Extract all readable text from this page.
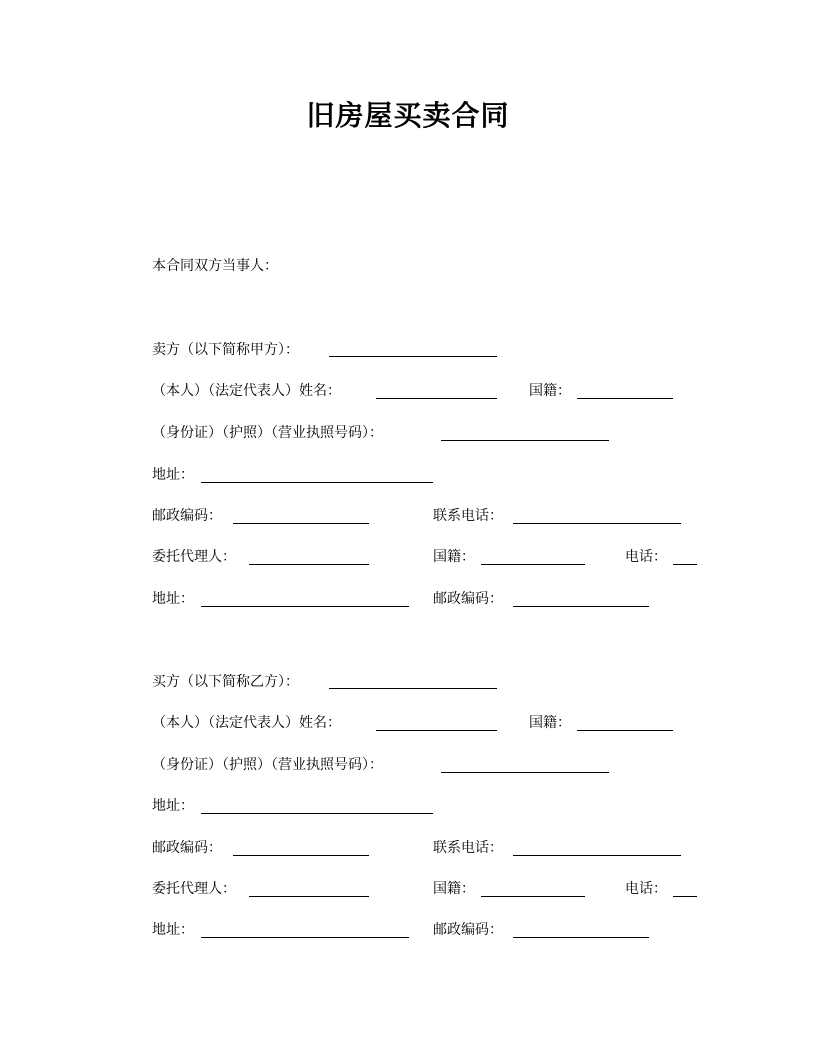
旧房屋买卖合同
本合同双方当事人：
卖方（以下简称甲方）：
（本人）（法定代表人）姓名：	国籍：
（身份证）（护照）（营业执照号码）：
地址：
邮政编码：	联系电话：
委托代理人：	国籍：	电话：
地址：	邮政编码：
买方（以下简称乙方）：
（本人）（法定代表人）姓名：	国籍：
（身份证）（护照）（营业执照号码）：
地址：
邮政编码：	联系电话：
委托代理人：	国籍：	电话：
地址：	邮政编码：
